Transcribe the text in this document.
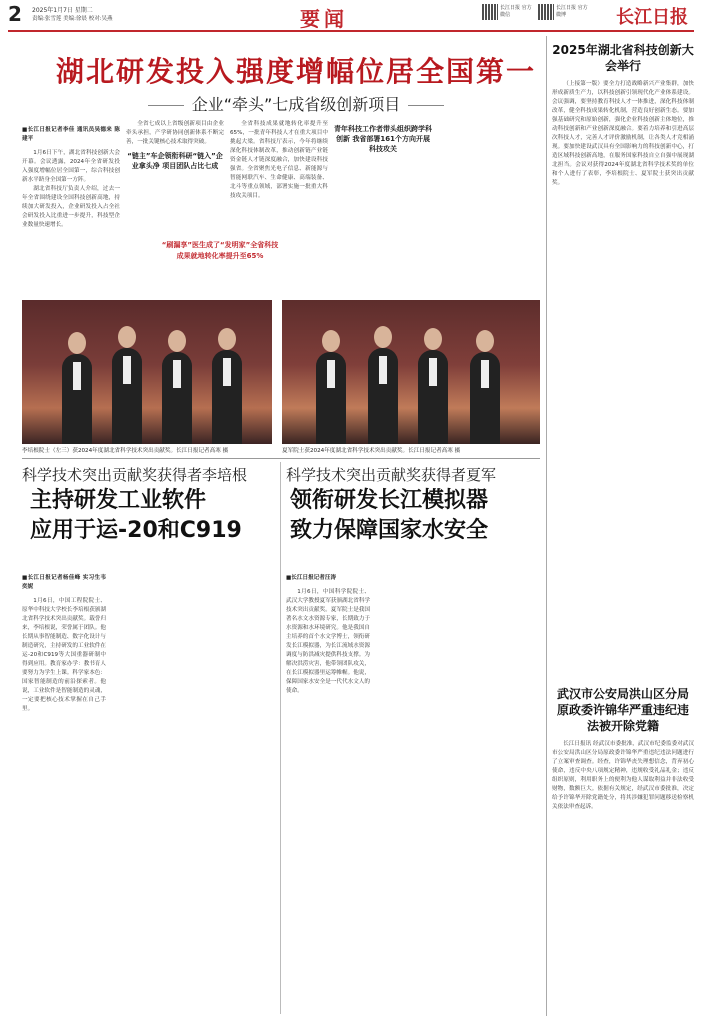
2 2025年1月7日 星期二
责编:张雪莲 美编:徐晨 校对:吴燕	要闻	长江日报 官方微信
长江日报 官方微博	长江日报
湖北研发投入强度增幅位居全国第一
企业“牵头”七成省级创新项目

■长江日报记者李佳 通讯员吴德来 陈建平

1月6日下午，湖北省科技创新大会开幕。会议透露，2024年全省研发投入强度增幅位居全国第一，综合科技创新水平跻身全国第一方阵。

湖北省科技厅负责人介绍，过去一年全省围绕建设全国科技创新高地，持续加大研发投入，企业研发投入占全社会研发投入比重进一步提升，科技型企业数量快速增长。

全省七成以上省级创新项目由企业牵头承担，产学研协同创新体系不断完善，一批关键核心技术取得突破。

“链主”车企领衔科研“链入”企业拿头净 项目团队占比七成

全省科技成果就地转化率提升至65%，一批青年科技人才在重大项目中挑起大梁。省科技厅表示，今年将继续深化科技体制改革，推动创新链产业链资金链人才链深度融合，加快建设科技强省。全省聚焦光电子信息、新能源与智能网联汽车、生命健康、高端装备、北斗等重点领域，部署实施一批重大科技攻关项目。

青年科技工作者带头组织跨学科创新 我省部署161个方向开展科技攻关

“刷漏享”医生成了“发明家”全省科技成果就地转化率提升至65%
李培根院士（左三）获2024年度湖北省科学技术突出贡献奖。长江日报记者高寒 摄	夏军院士获2024年度湖北省科学技术突出贡献奖。长江日报记者高寒 摄
科学技术突出贡献奖获得者李培根
主持研发工业软件
应用于运-20和C919

■长江日报记者杨佳峰 实习生韦奕妮

1月6日，中国工程院院士、原华中科技大学校长李培根获颁湖北省科学技术突出贡献奖。载誉归来，李培根说，荣誉属于团队。他长期从事智能制造、数字化设计与制造研究，主持研发的工业软件在运-20和C919等大国重器研制中得到应用。教育家办学：教书育人要努力为学生上课。科学家本色：国家智能制造的前沿探索者。他说，工业软件是智能制造的灵魂，一定要把核心技术掌握在自己手里。

科学技术突出贡献奖获得者夏军
领衔研发长江模拟器
致力保障国家水安全

■长江日报记者汪涛

1月6日，中国科学院院士、武汉大学教授夏军获颁湖北省科学技术突出贡献奖。夏军院士是我国著名水文水资源专家，长期致力于水资源和水环境研究。他是我国自主培养的首个水文学博士，领衔研发长江模拟器，为长江流域水资源调度与防洪减灾提供科技支撑。为解决洪涝灾害，他带领团队攻关，在长江模拟器里运筹帷幄。他说，保障国家水安全是一代代水文人的使命。

2025年湖北省科技创新大会举行

（上接第一版）要全力打造战略新兴产业集群，加快形成新质生产力，以科技创新引领现代化产业体系建设。会议强调，要坚持教育科技人才一体推进，深化科技体制改革，健全科技成果转化机制，营造良好创新生态。要加强基础研究和原始创新，强化企业科技创新主体地位，推动科技创新和产业创新深度融合。要着力培养和引进高层次科技人才，完善人才评价激励机制，让各类人才竞相涌现。要加快建设武汉具有全国影响力的科技创新中心，打造区域科技创新高地，在服务国家科技自立自强中展现湖北担当。会议对获得2024年度湖北省科学技术奖的单位和个人进行了表彰，李培根院士、夏军院士获突出贡献奖。

武汉市公安局洪山区分局原政委许锦华严重违纪违法被开除党籍

长江日报讯 经武汉市委批准，武汉市纪委监委对武汉市公安局洪山区分局原政委许锦华严重违纪违法问题进行了立案审查调查。经查，许锦华丧失理想信念，背弃初心使命，违反中央八项规定精神，违规收受礼品礼金；违反组织原则，利用职务上的便利为他人谋取利益并非法收受财物，数额巨大。依据有关规定，经武汉市委批准，决定给予许锦华开除党籍处分，将其涉嫌犯罪问题移送检察机关依法审查起诉。
